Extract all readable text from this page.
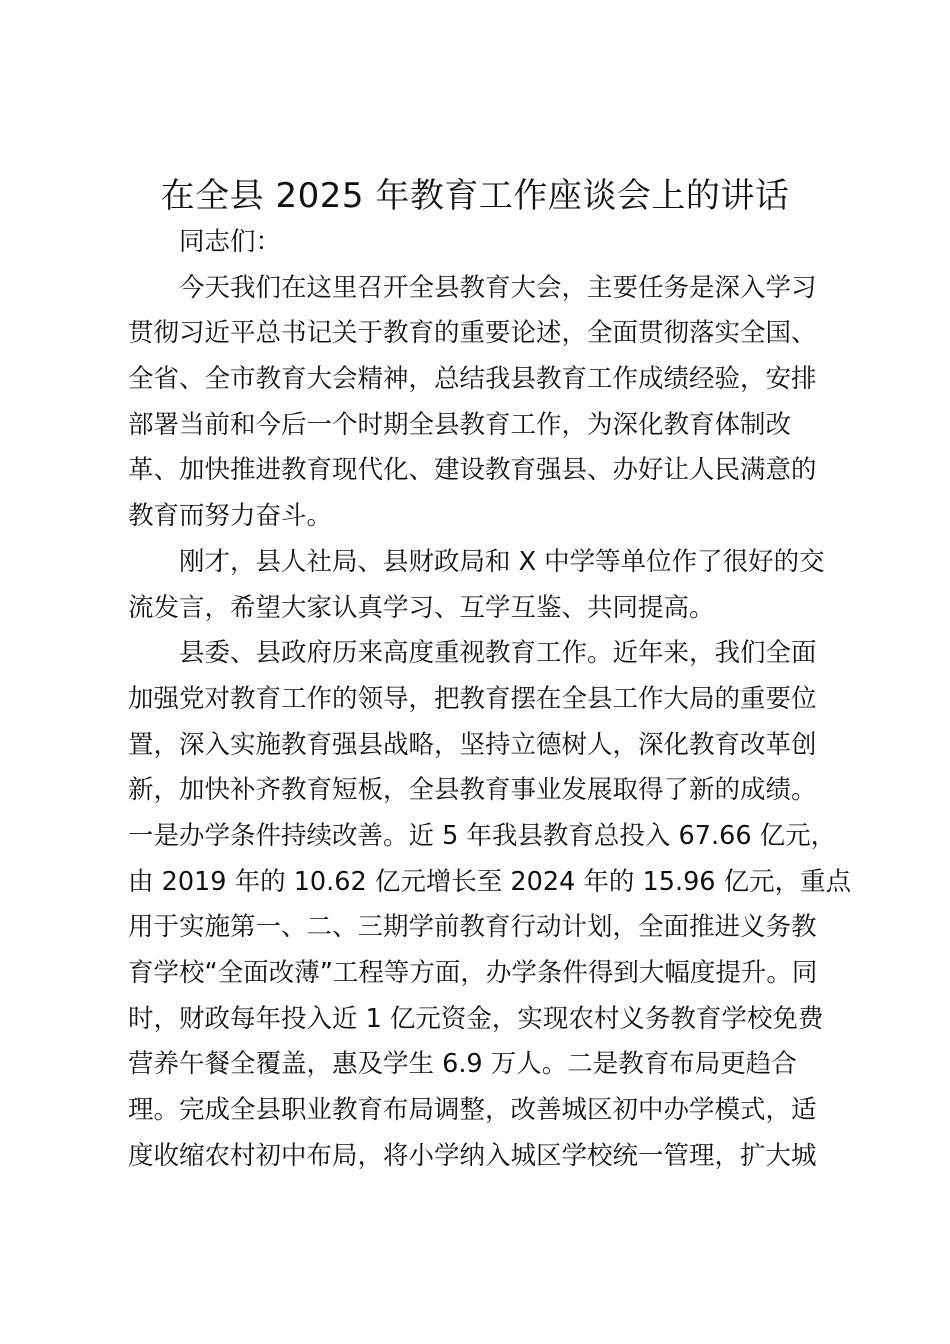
在全县 2025 年教育工作座谈会上的讲话

同志们：

今天我们在这里召开全县教育大会，主要任务是深入学习
贯彻习近平总书记关于教育的重要论述，全面贯彻落实全国、
全省、全市教育大会精神，总结我县教育工作成绩经验，安排
部署当前和今后一个时期全县教育工作，为深化教育体制改
革、加快推进教育现代化、建设教育强县、办好让人民满意的
教育而努力奋斗。

刚才，县人社局、县财政局和 X 中学等单位作了很好的交
流发言，希望大家认真学习、互学互鉴、共同提高。

县委、县政府历来高度重视教育工作。近年来，我们全面
加强党对教育工作的领导，把教育摆在全县工作大局的重要位
置，深入实施教育强县战略，坚持立德树人，深化教育改革创
新，加快补齐教育短板，全县教育事业发展取得了新的成绩。
一是办学条件持续改善。近 5 年我县教育总投入 67.66 亿元，
由 2019 年的 10.62 亿元增长至 2024 年的 15.96 亿元，重点
用于实施第一、二、三期学前教育行动计划，全面推进义务教
育学校“全面改薄”工程等方面，办学条件得到大幅度提升。同
时，财政每年投入近 1 亿元资金，实现农村义务教育学校免费
营养午餐全覆盖，惠及学生 6.9 万人。二是教育布局更趋合
理。完成全县职业教育布局调整，改善城区初中办学模式，适
度收缩农村初中布局，将小学纳入城区学校统一管理，扩大城
